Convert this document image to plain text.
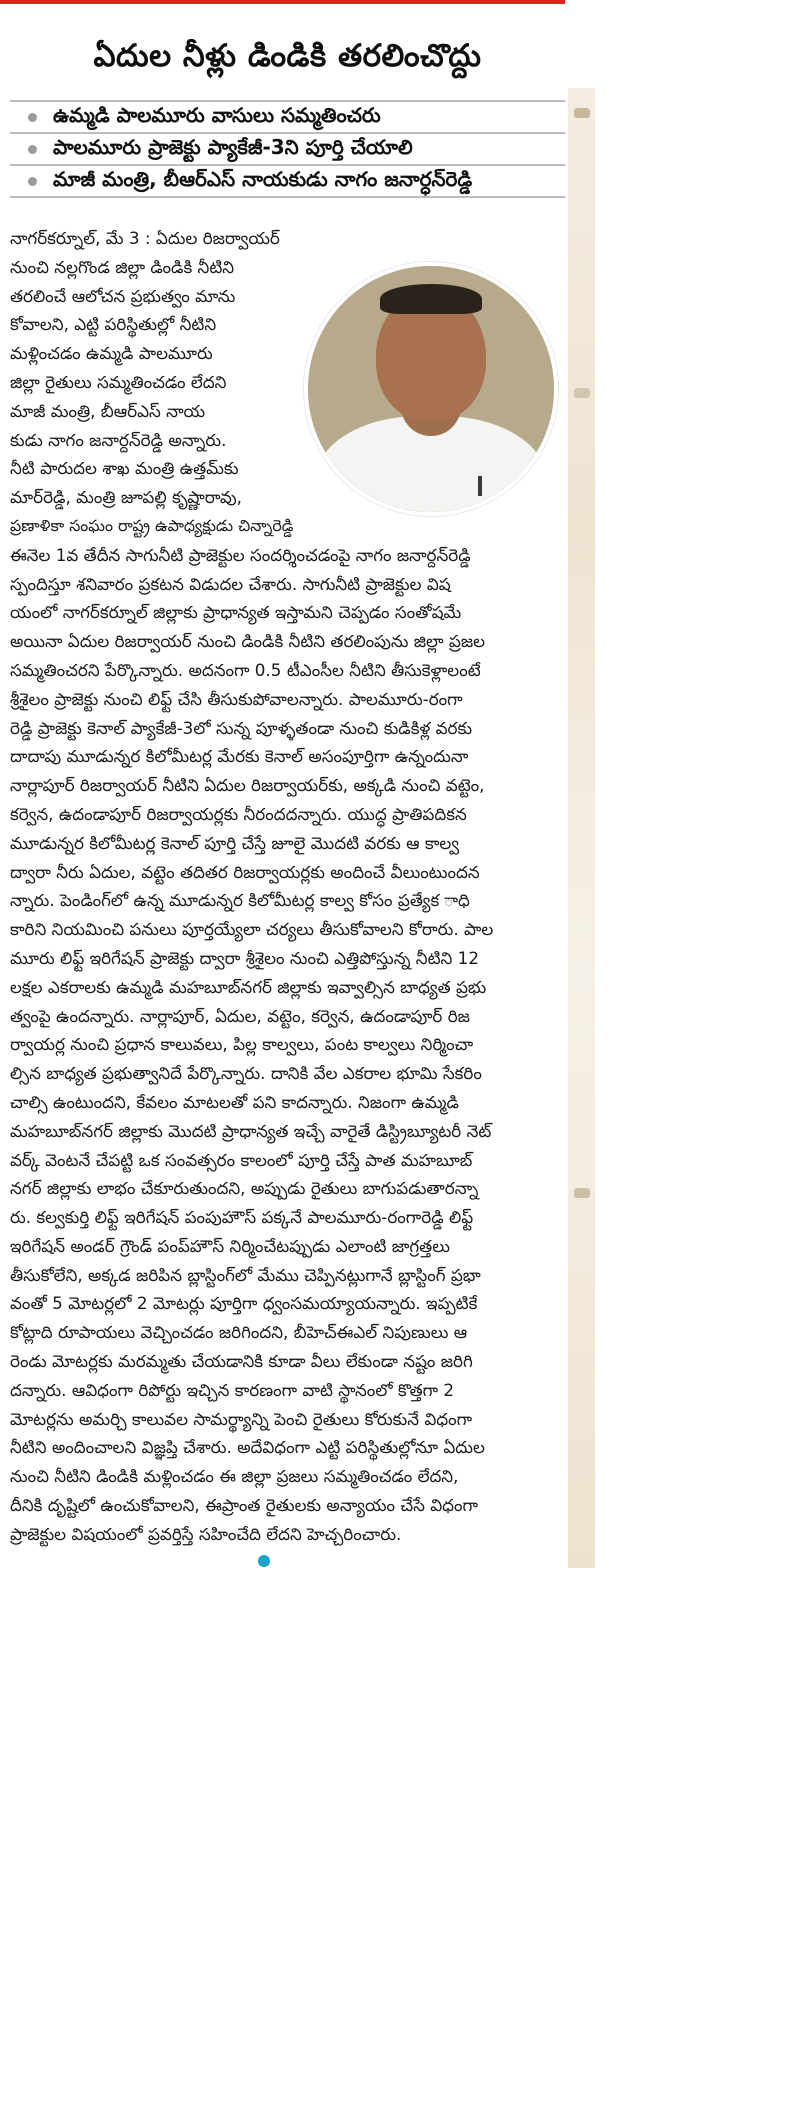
ఏదుల నీళ్లు డిండికి తరలించొద్దు
ఉమ్మడి పాలమూరు వాసులు సమ్మతించరు
పాలమూరు ప్రాజెక్టు ప్యాకేజీ-3ని పూర్తి చేయాలి
మాజీ మంత్రి, బీఆర్ఎస్ నాయకుడు నాగం జనార్ధన్‌రెడ్డి

నాగర్‌కర్నూల్, మే 3 : ఏదుల రిజర్వాయర్

నుంచి నల్లగొండ జిల్లా డిండికి నీటిని

తరలించే ఆలోచన ప్రభుత్వం మాను

కోవాలని, ఎట్టి పరిస్థితుల్లో నీటిని

మళ్లించడం ఉమ్మడి పాలమూరు

జిల్లా రైతులు సమ్మతించడం లేదని

మాజీ మంత్రి, బీఆర్ఎస్ నాయ

కుడు నాగం జనార్దన్‌రెడ్డి అన్నారు.

నీటి పారుదల శాఖ మంత్రి ఉత్తమ్‌కు

మార్‌రెడ్డి, మంత్రి జూపల్లి కృష్ణారావు,

ప్రణాళికా సంఘం రాష్ట్ర ఉపాధ్యక్షుడు చిన్నారెడ్డి

ఈనెల 1వ తేదీన సాగునీటి ప్రాజెక్టుల సందర్శించడంపై నాగం జనార్దన్‌రెడ్డి

స్పందిస్తూ శనివారం ప్రకటన విడుదల చేశారు. సాగునీటి ప్రాజెక్టుల విష

యంలో నాగర్‌కర్నూల్ జిల్లాకు ప్రాధాన్యత ఇస్తామని చెప్పడం సంతోషమే

అయినా ఏదుల రిజర్వాయర్ నుంచి డిండికి నీటిని తరలింపును జిల్లా ప్రజల

సమ్మతించరని పేర్కొన్నారు. అదనంగా 0.5 టీఎంసీల నీటిని తీసుకెళ్లాలంటే

శ్రీశైలం ప్రాజెక్టు నుంచి లిఫ్ట్ చేసి తీసుకుపోవాలన్నారు. పాలమూరు-రంగా

రెడ్డి ప్రాజెక్టు కెనాల్ ప్యాకేజీ-3లో సున్న పూళ్ళతండా నుంచి కుడికిళ్ల వరకు

దాదాపు మూడున్నర కిలోమీటర్ల మేరకు కెనాల్ అసంపూర్తిగా ఉన్నందునా

నార్లాపూర్ రిజర్వాయర్ నీటిని ఏదుల రిజర్వాయర్‌కు, అక్కడి నుంచి వట్టెం,

కర్వెన, ఉదండాపూర్ రిజర్వాయర్లకు నీరందదన్నారు. యుద్ధ ప్రాతిపదికన

మూడున్నర కిలోమీటర్ల కెనాల్ పూర్తి చేస్తే జూలై మొదటి వరకు ఆ కాల్వ

ద్వారా నీరు ఏదుల, వట్టెం తదితర రిజర్వాయర్లకు అందించే వీలుంటుందన

న్నారు. పెండింగ్‌లో ఉన్న మూడున్నర కిలోమీటర్ల కాల్వ కోసం ప్రత్యేక ాధి

కారిని నియమించి పనులు పూర్తయ్యేలా చర్యలు తీసుకోవాలని కోరారు. పాల

మూరు లిఫ్ట్ ఇరిగేషన్ ప్రాజెక్టు ద్వారా శ్రీశైలం నుంచి ఎత్తిపోస్తున్న నీటిని 12

లక్షల ఎకరాలకు ఉమ్మడి మహబూబ్‌నగర్ జిల్లాకు ఇవ్వాల్సిన బాధ్యత ప్రభు

త్వంపై ఉందన్నారు. నార్లాపూర్, ఏదుల, వట్టెం, కర్వెన, ఉదండాపూర్ రిజ

ర్వాయర్ల నుంచి ప్రధాన కాలువలు, పిల్ల కాల్వలు, పంట కాల్వలు నిర్మించా

ల్సిన బాధ్యత ప్రభుత్వానిదే పేర్కొన్నారు. దానికి వేల ఎకరాల భూమి సేకరిం

చాల్సి ఉంటుందని, కేవలం మాటలతో పని కాదన్నారు. నిజంగా ఉమ్మడి

మహబూబ్‌నగర్ జిల్లాకు మొదటి ప్రాధాన్యత ఇచ్చే వారైతే డిస్ట్రిబ్యూటరీ నెట్

వర్క్ వెంటనే చేపట్టి ఒక సంవత్సరం కాలంలో పూర్తి చేస్తే పాత మహబూబ్

నగర్ జిల్లాకు లాభం చేకూరుతుందని, అప్పుడు రైతులు బాగుపడుతారన్నా

రు. కల్వకుర్తి లిఫ్ట్ ఇరిగేషన్ పంపుహౌస్ పక్కనే పాలమూరు-రంగారెడ్డి లిఫ్ట్

ఇరిగేషన్ అండర్ గ్రౌండ్ పంప్‌హౌస్ నిర్మించేటప్పుడు ఎలాంటి జాగ్రత్తలు

తీసుకోలేని, అక్కడ జరిపిన బ్లాస్టింగ్‌లో మేము చెప్పినట్లుగానే బ్లాస్టింగ్ ప్రభా

వంతో 5 మోటర్లలో 2 మోటర్లు పూర్తిగా ధ్వంసమయ్యాయన్నారు. ఇప్పటికే

కోట్లాది రూపాయలు వెచ్చించడం జరిగిందని, బీహెచ్ఈఎల్ నిపుణులు ఆ

రెండు మోటర్లకు మరమ్మతు చేయడానికి కూడా వీలు లేకుండా నష్టం జరిగి

దన్నారు. ఆవిధంగా రిపోర్టు ఇచ్చిన కారణంగా వాటి స్థానంలో కొత్తగా 2

మోటర్లను అమర్చి కాలువల సామర్థ్యాన్ని పెంచి రైతులు కోరుకునే విధంగా

నీటిని అందించాలని విజ్ఞప్తి చేశారు. అదేవిధంగా ఎట్టి పరిస్థితుల్లోనూ ఏదుల

నుంచి నీటిని డిండికి మళ్లించడం ఈ జిల్లా ప్రజలు సమ్మతించడం లేదని,

దీనికి దృష్టిలో ఉంచుకోవాలని, ఈప్రాంత రైతులకు అన్యాయం చేసే విధంగా

ప్రాజెక్టుల విషయంలో ప్రవర్తిస్తే సహించేది లేదని హెచ్చరించారు.
